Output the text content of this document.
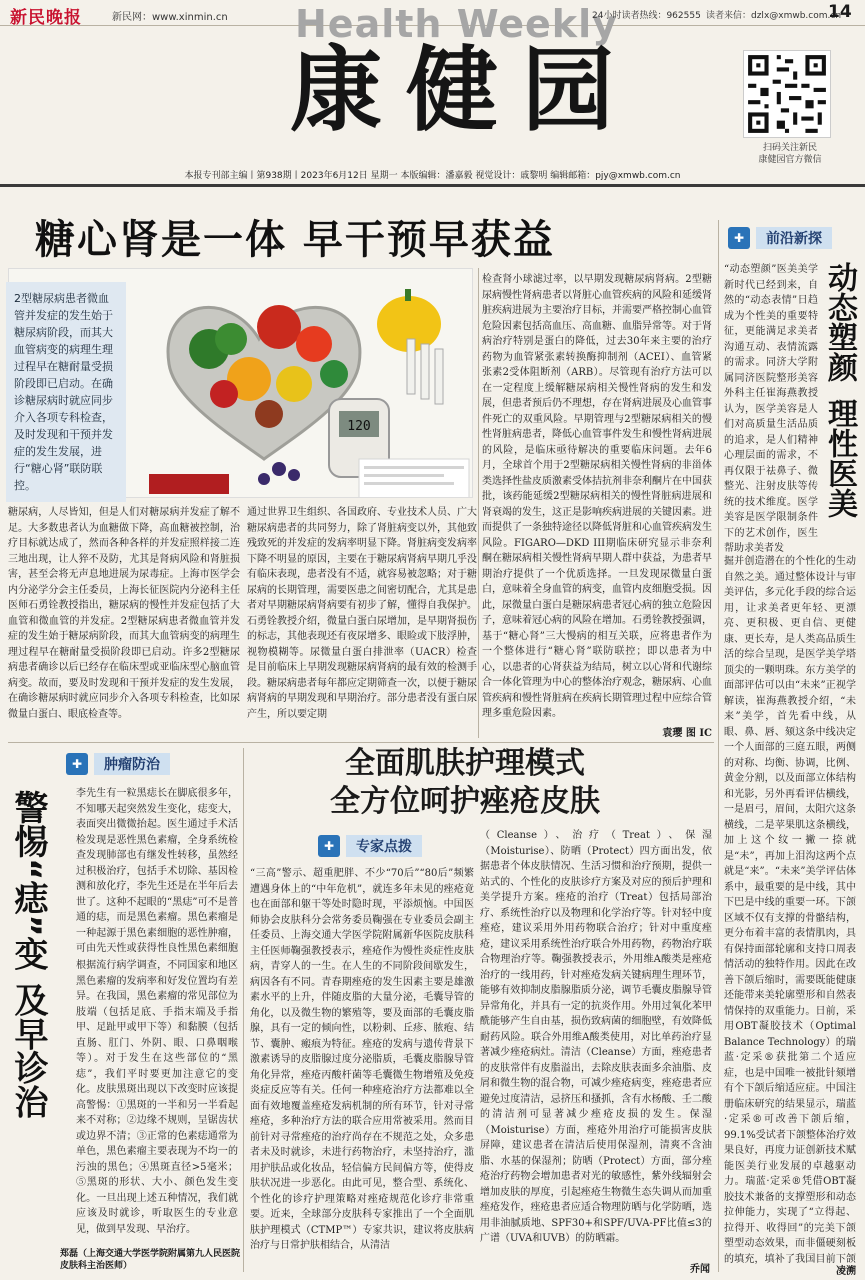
新民晚报	新民网：www.xinmin.cn Health Weekly
24小时读者热线：962555 读者来信：dzlx@xmwb.com.cn
14
康健园
扫码关注新民
康健园官方微信
本报专刊部主编丨第938期丨2023年6月12日 星期一 本版编辑：潘嘉毅 视觉设计：戚黎明 编辑邮箱：pjy@xmwb.com.cn
糖心肾是一体 早干预早获益
120
2型糖尿病患者微血管并发症的发生始于糖尿病阶段，而其大血管病变的病理生理过程早在糖耐量受损阶段即已启动。在确诊糖尿病时就应同步介入各项专科检查，及时发现和干预并发症的发生发展，进行“糖心肾”联防联控。
糖尿病，人尽皆知，但是人们对糖尿病并发症了解不足。大多数患者认为血糖做下降，高血糖被控制，治疗目标就达成了，然而各种各样的并发症照样接二连三地出现，让人猝不及防，尤其是肾病风险和肾脏损害，甚至会将无声息地进展为尿毒症。上海市医学会内分泌学分会主任委员，上海长征医院内分泌科主任医师石勇铨教授指出，糖尿病的慢性并发症包括了大血管和微血管的并发症。2型糖尿病患者微血管并发症的发生始于糖尿病阶段，而其大血管病变的病理生理过程早在糖耐量受损阶段即已启动。许多2型糖尿病患者确诊以后已经存在临床型或亚临床型心脑血管病变。故而，要及时发现和干预并发症的发生发展，在确诊糖尿病时就应同步介入各项专科检查，比如尿微量白蛋白、眼底检查等。
通过世界卫生组织、各国政府、专业技术人员、广大糖尿病患者的共同努力，除了肾脏病变以外，其他致残致死的并发症的发病率明显下降。肾脏病变发病率下降不明显的原因，主要在于糖尿病肾病早期几乎没有临床表现，患者没有不适，就容易被忽略；对于糖尿病的长期管理，需要医患之间密切配合，尤其是患者对早期糖尿病肾病要有初步了解，懂得自我保护。石勇铨教授介绍，微量白蛋白尿增加，是早期肾损伤的标志，其他表现还有夜尿增多、眼睑或下肢浮肿，视物模糊等。尿微量白蛋白排泄率（UACR）检查是目前临床上早期发现糖尿病肾病的最有效的检测手段。糖尿病患者每年都应定期筛查一次，以便于糖尿病肾病的早期发现和早期治疗。部分患者没有蛋白尿产生，所以要定期
检查肾小球滤过率，以早期发现糖尿病肾病。2型糖尿病慢性肾病患者以肾脏心血管疾病的风险和延缓肾脏疾病进展为主要治疗目标，并需要严格控制心血管危险因素包括高血压、高血糖、血脂异常等。对于肾病治疗特别是蛋白的降低，过去30年来主要的治疗药物为血管紧张素转换酶抑制剂（ACEI）、血管紧张素2受体阻断剂（ARB）。尽管现有治疗方法可以在一定程度上缓解糖尿病相关慢性肾病的发生和发展，但患者预后仍不理想，存在肾病进展及心血管事件死亡的双重风险。早期管理与2型糖尿病相关的慢性肾脏病患者，降低心血管事件发生和慢性肾病进展的风险，是临床亟待解决的重要临床问题。去年6月，全球首个用于2型糖尿病相关慢性肾病的非甾体类选择性盐皮质激素受体拮抗剂非奈利酮片在中国获批，该药能延缓2型糖尿病相关的慢性肾脏病进展和肾衰竭的发生，这正是影响疾病进展的关键因素。进而提供了一条独特途径以降低肾脏和心血管疾病发生风险。FIGARO—DKD III期临床研究显示非奈利酮在糖尿病相关慢性肾病早期人群中获益，为患者早期治疗提供了一个优质选择。一旦发现尿微量白蛋白，意味着全身血管的病变，血管内皮细胞受损。因此，尿微量白蛋白是糖尿病患者冠心病的独立危险因子，意味着冠心病的风险在增加。石勇铨教授强调，基于“糖心肾”三大慢病的相互关联，应将患者作为一个整体进行“糖心肾”联防联控；即以患者为中心，以患者的心肾获益为结局，树立以心肾和代谢综合一体化管理为中心的整体治疗观念，糖尿病、心血管疾病和慢性肾脏病在疾病长期管理过程中应综合管理多重危险因素。
袁璎 图 IC
✚	前沿新探
动态塑颜理性医美
“动态塑颜”医美美学新时代已经到来，自然的“动态表情”日趋成为个性美的重要特征，更能满足求美者沟通互动、表情流露的需求。同济大学附属同济医院整形美容外科主任崔海燕教授认为，医学美容是人们对高质量生活品质的追求，是人们精神心理层面的需求，不再仅限于祛鼻子、微整光、注射皮肤等传统的技术维度。医学美容是医学限制条件下的艺术创作，医生帮助求美者发
掘并创造潜在的个性化的生动自然之美。通过整体设计与审美评估，多元化手段的综合运用，让求美者更年轻、更漂亮、更积极、更自信、更健康、更长寿，是人类高品质生活的综合呈现，是医学美学塔顶尖的一颗明珠。东方美学的面部评估可以由“未来”正视学解读，崔海燕教授介绍，“未来”美学，首先看中线，从眼、鼻、唇、颏这条中线决定一个人面部的三庭五眼，两侧的对称、均衡、协调，比例、黄金分割，以及面部立体结构和光影，另外再看评估横线，一是眉弓，眉间，太阳穴这条横线，二是苹果肌这条横线，加上这个纹一撇一捺就是“未”，再加上泪沟这两个点就是“来”。“未来”美学评估体系中，最重要的是中线，其中下巴是中线的重要一环。下颌区域不仅有支撑的骨骼结构，更分布着丰富的表情肌肉，具有保持面部轮廓和支持口周表情活动的独特作用。因此在改善下颌后缩时，需要既能健康还能带来美轮廓塑形和自然表情保持的双重能力。日前，采用OBT凝胶技术（Optimal Balance Technology）的瑞蓝·定采®获批第二个适应症，也是中国唯一被批针颏增有个下颌后缩适应症。中国注册临床研究的结果显示，瑞蓝·定采®可改善下颌后缩，99.1%受试者下颌整体治疗效果良好，再度力证创新技术赋能医美行业发展的卓越驱动力。瑞蓝·定采®凭借OBT凝胶技术兼备的支撑塑形和动态拉伸能力，实现了“立得起、拉得开、收得回”的完美下颌塑型动态效果，而非僵硬刻板的填充，填补了我国目前下颌
凌溯
✚	肿瘤防治
警惕“痣”变 及早诊治	李先生有一粒黑痣长在脚底很多年，不知哪天起突然发生变化，痣变大，表面突出微微抬起。医生通过手术活检发现是恶性黑色素瘤，全身系统检查发现肺部也有继发性转移，虽然经过积极治疗，包括手术切除、基因检测和放化疗，李先生还是在半年后去世了。这种不起眼的“黑痣”可不是普通的痣，而是黑色素瘤。黑色素瘤是一种起源于黑色素细胞的恶性肿瘤，可由先天性或获得性良性黑色素细胞
根据流行病学调查，不同国家和地区黑色素瘤的发病率和好发位置均有差异。在我国，黑色素瘤的常见部位为肢端（包括足底、手指末端及手指甲、足趾甲或甲下等）和黏膜（包括直肠、肛门、外阴、眼、口鼻咽喉等）。对于发生在这些部位的“黑痣”，我们平时要更加注意它的变化。皮肤黑斑出现以下改变时应该提高警惕：①黑斑的一半和另一半看起来不对称；②边缘不规则，呈锯齿状或边界不清；③正常的色素痣通常为单色，黑色素瘤主要表现为不均一的污浊的黑色；④黑斑直径>5毫米；⑤黑斑的形状、大小、颜色发生变化。一旦出现上述五种情况，我们就应该及时就诊，听取医生的专业意见，做到早发现、早治疗。
郑磊（上海交通大学医学院附属第九人民医院皮肤科主治医师）
全面肌肤护理模式
全方位呵护痤疮皮肤
✚	专家点拨
“三高”警示、超重肥胖、不少“70后”“80后”频繁遭遇身体上的“中年危机”，就连多年未见的痤疮竟也在面部和躯干等处时隐时现，平添烦恼。中国医师协会皮肤科分会常务委员鞠强在专业委员会副主任委员、上海交通大学医学院附属新华医院皮肤科主任医师鞠强教授表示，痤疮作为慢性炎症性皮肤病，青穿人的一生。在人生的不同阶段间歇发生，病因各有不同。青春期痤疮的发生因素主要是雄激素水平的上升，伴随皮脂的大量分泌，毛囊导管的角化，以及微生物的繁殖等，要及面部的毛囊皮脂腺，具有一定的倾向性，以粉刺、丘疹、脓疱、结节、囊肿、瘢痕为特征。痤疮的发病与遗传背景下激素诱导的皮脂腺过度分泌脂质，毛囊皮脂腺导管角化异常，痤疮丙酸杆菌等毛囊微生物增殖及免疫炎症反应等有关。任何一种痤疮治疗方法都难以全面有效地覆盖痤疮发病机制的所有环节，针对寻常痤疮，多种治疗方法的联合应用常被采用。然而目前针对寻常痤疮的治疗尚存在不规范之处，众多患者未及时就诊，未进行药物治疗，未坚持治疗，滥用护肤品或化妆品，轻信偏方民间偏方等，使得皮肤状况进一步恶化。由此可见，整合型、系统化、个性化的诊疗护理策略对痤疮规范化诊疗非常重要。近来，全球部分皮肤科专家推出了一个全面肌肤护理模式（CTMP™）专家共识，建议将皮肤病治疗与日常护肤相结合，从清洁
（Cleanse）、治疗（Treat）、保湿（Moisturise）、防晒（Protect）四方面出发，依据患者个体皮肤情况、生活习惯和治疗预期，提供一站式的、个性化的皮肤诊疗方案及对应的预后护理和美学提升方案。痤疮的治疗（Treat）包括局部治疗、系统性治疗以及物理和化学治疗等。针对轻中度痤疮，建议采用外用药物联合治疗；针对中重度痤疮，建议采用系统性治疗联合外用药物，药物治疗联合物理治疗等。鞠强教授表示，外用维A酸类是痤疮治疗的一线用药，针对痤疮发病关键病理生理环节，能够有效抑制皮脂腺脂质分泌，调节毛囊皮脂腺导管异常角化，并具有一定的抗炎作用。外用过氧化苯甲酰能够产生自由基，损伤致病菌的细胞壁，有效降低耐药风险。联合外用维A酸类使用，对比单药治疗显著减少痤疮病灶。清洁（Cleanse）方面，痤疮患者的皮肤常伴有皮脂溢出，去除皮肤表面多余油脂、皮屑和微生物的混合物，可减少痤疮病变，痤疮患者应避免过度清洁，忌挤压和搔抓，含有水杨酸、壬二酸的清洁剂可显著减少痤疮皮损的发生。保湿（Moisturise）方面，痤疮外用治疗可能损害皮肤屏障，建议患者在清洁后使用保湿剂，清爽不含油脂、水基的保湿剂；防晒（Protect）方面，部分痤疮治疗药物会增加患者对光的敏感性，紫外线辐射会增加皮肤的厚度，引起痤疮生物微生态失调从而加重痤疮发作，痤疮患者应适合物理防晒与化学防晒，选用非油腻质地、SPF30+和SPF/UVA-PF比值≤3的广谱（UVA和UVB）的防晒霜。
乔闻
